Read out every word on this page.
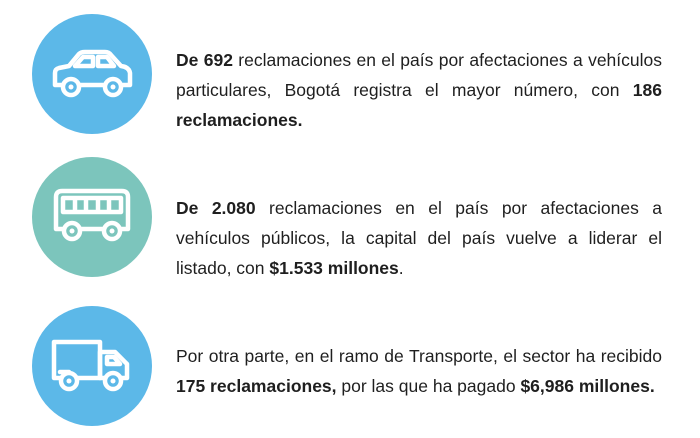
De 692 reclamaciones en el país por afectaciones a vehículos particulares, Bogotá registra el mayor número, con 186 reclamaciones.
De 2.080 reclamaciones en el país por afectaciones a vehículos públicos, la capital del país vuelve a liderar el listado, con $1.533 millones.
Por otra parte, en el ramo de Transporte, el sector ha recibido 175 reclamaciones, por las que ha pagado $6,986 millones.
